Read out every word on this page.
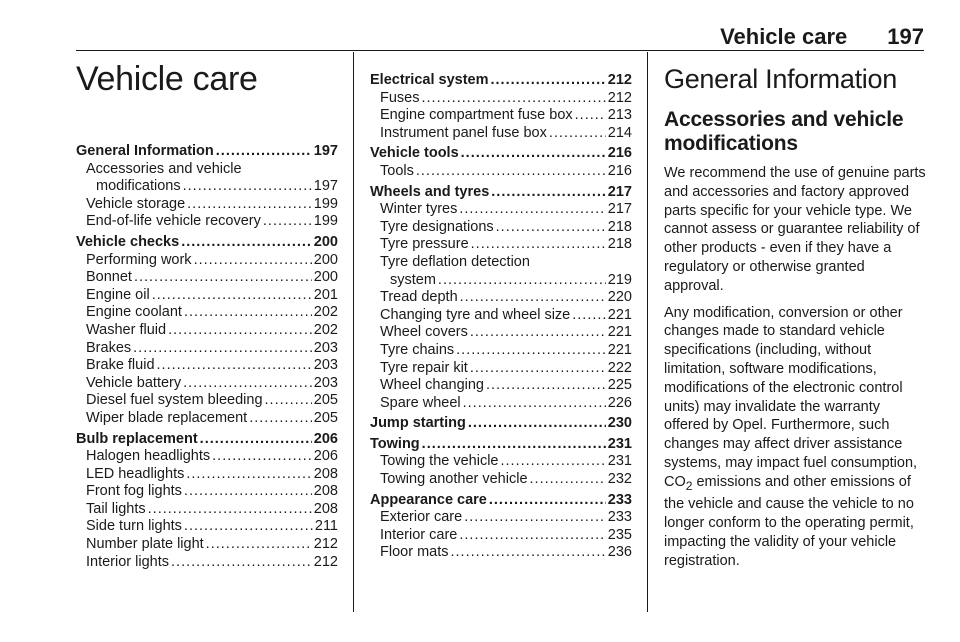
Vehicle care 197
Vehicle care
General Information .....	197
Accessories and vehicle
modifications .....	197
Vehicle storage .....	199
End-of-life vehicle recovery .....	199
Vehicle checks .....	200
Performing work .....	200
Bonnet .....	200
Engine oil .....	201
Engine coolant .....	202
Washer fluid .....	202
Brakes .....	203
Brake fluid .....	203
Vehicle battery .....	203
Diesel fuel system bleeding .....	205
Wiper blade replacement .....	205
Bulb replacement .....	206
Halogen headlights .....	206
LED headlights .....	208
Front fog lights .....	208
Tail lights .....	208
Side turn lights .....	211
Number plate light .....	212
Interior lights .....	212
Electrical system .....	212
Fuses .....	212
Engine compartment fuse box ..... 213
Instrument panel fuse box .....	214
Vehicle tools .....	216
Tools .....	216
Wheels and tyres .....	217
Winter tyres .....	217
Tyre designations .....	218
Tyre pressure .....	218
Tyre deflation detection
system .....	219
Tread depth .....	220
Changing tyre and wheel size .....	221
Wheel covers .....	221
Tyre chains .....	221
Tyre repair kit .....	222
Wheel changing .....	225
Spare wheel .....	226
Jump starting .....	230
Towing .....	231
Towing the vehicle .....	231
Towing another vehicle .....	232
Appearance care .....	233
Exterior care .....	233
Interior care .....	235
Floor mats .....	236
General Information
Accessories and vehicle modifications

We recommend the use of genuine parts and accessories and factory approved parts specific for your vehicle type. We cannot assess or guarantee reliability of other products - even if they have a regulatory or otherwise granted approval.

Any modification, conversion or other changes made to standard vehicle specifications (including, without limitation, software modifications, modifications of the electronic control units) may invalidate the warranty offered by Opel. Furthermore, such changes may affect driver assistance systems, may impact fuel consumption, $CO_2$ emissions and other emissions of the vehicle and cause the vehicle to no longer conform to the operating permit, impacting the validity of your vehicle registration.
